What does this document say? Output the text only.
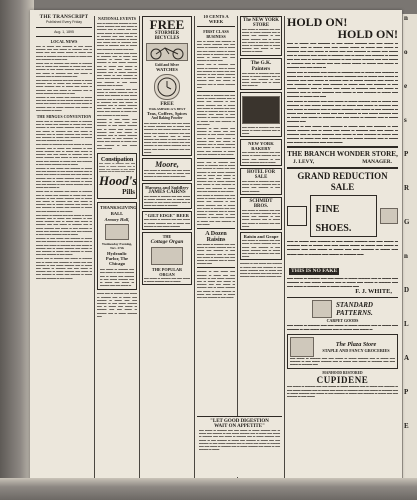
n
o
e
s
P
R
G
n
D
L
A
P
E
THE TRANSCRIPT
Published Every Friday
Aug. 1, 1895
LOCAL NEWS

▬▬ ▬ ▬▬▬ ▬▬ ▬▬▬▬ ▬ ▬▬ ▬▬▬ ▬▬▬▬ ▬▬ ▬▬ ▬▬▬ ▬ ▬▬▬▬ ▬▬ ▬ ▬▬▬ ▬▬ ▬▬ ▬▬▬ ▬▬▬ ▬ ▬▬▬ ▬▬ ▬▬▬ ▬ ▬▬▬▬ ▬▬ ▬▬ ▬▬▬ ▬ ▬▬▬ ▬▬ ▬▬ ▬▬▬▬ ▬ ▬▬▬ ▬▬

▬▬▬ ▬▬ ▬ ▬▬▬▬ ▬▬ ▬▬▬ ▬ ▬▬▬▬ ▬▬ ▬ ▬▬▬ ▬▬ ▬▬▬▬ ▬ ▬▬▬ ▬▬ ▬▬ ▬▬▬▬ ▬ ▬▬ ▬▬▬ ▬▬▬▬ ▬▬ ▬ ▬▬▬ ▬▬ ▬▬▬ ▬ ▬▬▬▬ ▬▬ ▬▬ ▬▬▬ ▬ ▬▬▬▬ ▬▬ ▬ ▬▬▬ ▬▬▬▬ ▬▬

▬▬ ▬▬▬ ▬ ▬▬▬▬ ▬▬ ▬▬ ▬▬▬ ▬ ▬▬▬ ▬▬▬▬ ▬▬ ▬ ▬▬▬ ▬▬ ▬▬▬▬ ▬ ▬▬ ▬▬▬ ▬▬▬▬ ▬▬ ▬ ▬▬▬ ▬▬ ▬▬▬ ▬ ▬▬▬▬ ▬▬ ▬▬ ▬▬▬ ▬ ▬▬▬▬ ▬▬ ▬ ▬▬▬ ▬▬▬▬ ▬▬ ▬▬▬ ▬ ▬▬

▬▬▬▬ ▬ ▬▬ ▬▬▬ ▬▬ ▬▬▬▬ ▬ ▬▬▬ ▬▬ ▬▬ ▬▬▬▬ ▬ ▬▬ ▬▬▬ ▬▬▬▬ ▬▬ ▬ ▬▬▬ ▬▬ ▬▬▬ ▬ ▬▬▬▬ ▬▬ ▬▬ ▬▬▬ ▬ ▬▬▬▬ ▬▬ ▬ ▬▬▬ ▬▬▬▬ ▬▬ ▬▬▬ ▬ ▬▬ ▬▬▬▬ ▬ ▬▬▬

THE MINGUS CONVENTION

▬▬▬ ▬▬ ▬ ▬▬▬▬ ▬▬ ▬▬▬ ▬ ▬▬▬▬ ▬▬ ▬ ▬▬▬ ▬▬ ▬▬▬▬ ▬ ▬▬▬ ▬▬ ▬▬ ▬▬▬▬ ▬ ▬▬ ▬▬▬ ▬▬▬▬ ▬▬ ▬ ▬▬▬ ▬▬ ▬▬▬ ▬ ▬▬▬▬ ▬▬ ▬▬ ▬▬▬ ▬ ▬▬▬▬ ▬▬ ▬ ▬▬▬ ▬▬▬▬ ▬▬ ▬▬▬ ▬ ▬▬ ▬▬▬▬ ▬ ▬▬▬ ▬▬ ▬▬▬▬ ▬ ▬▬▬ ▬▬ ▬▬ ▬▬▬▬ ▬ ▬▬ ▬▬▬

▬▬ ▬▬▬ ▬ ▬▬▬▬ ▬▬ ▬▬ ▬▬▬ ▬ ▬▬▬ ▬▬▬▬ ▬▬ ▬ ▬▬▬ ▬▬ ▬▬▬▬ ▬ ▬▬ ▬▬▬ ▬▬▬▬ ▬▬ ▬ ▬▬▬ ▬▬ ▬▬▬ ▬ ▬▬▬▬ ▬▬ ▬▬ ▬▬▬ ▬ ▬▬▬▬ ▬▬ ▬ ▬▬▬ ▬▬▬▬ ▬▬ ▬▬▬ ▬ ▬▬ ▬▬▬▬ ▬ ▬▬▬ ▬▬ ▬▬▬▬ ▬ ▬▬▬ ▬▬ ▬▬ ▬▬▬▬ ▬ ▬▬ ▬▬▬ ▬▬▬▬ ▬▬ ▬ ▬▬▬

▬▬▬▬ ▬ ▬▬ ▬▬▬ ▬▬ ▬▬▬▬ ▬ ▬▬▬ ▬▬ ▬▬ ▬▬▬▬ ▬ ▬▬ ▬▬▬ ▬▬▬▬ ▬▬ ▬ ▬▬▬ ▬▬ ▬▬▬ ▬ ▬▬▬▬ ▬▬ ▬▬ ▬▬▬ ▬ ▬▬▬▬ ▬▬ ▬ ▬▬▬ ▬▬▬▬ ▬▬ ▬▬▬ ▬ ▬▬ ▬▬▬▬ ▬ ▬▬▬ ▬▬ ▬▬▬▬ ▬ ▬▬▬ ▬▬ ▬▬ ▬▬▬▬ ▬ ▬▬ ▬▬▬ ▬▬▬▬ ▬▬ ▬ ▬▬▬ ▬▬ ▬▬▬ ▬

▬▬▬ ▬▬ ▬ ▬▬▬▬ ▬▬ ▬▬▬ ▬ ▬▬▬▬ ▬▬ ▬ ▬▬▬ ▬▬ ▬▬▬▬ ▬ ▬▬▬ ▬▬ ▬▬ ▬▬▬▬ ▬ ▬▬ ▬▬▬ ▬▬▬▬ ▬▬ ▬ ▬▬▬ ▬▬ ▬▬▬ ▬ ▬▬▬▬ ▬▬ ▬▬ ▬▬▬ ▬ ▬▬▬▬ ▬▬ ▬ ▬▬▬ ▬▬▬▬ ▬▬ ▬▬▬ ▬ ▬▬ ▬▬▬▬ ▬ ▬▬▬ ▬▬ ▬▬▬▬ ▬ ▬▬▬ ▬▬ ▬▬ ▬▬▬▬ ▬ ▬▬ ▬▬▬

▬▬ ▬▬▬ ▬ ▬▬▬▬ ▬▬ ▬▬ ▬▬▬ ▬ ▬▬▬ ▬▬▬▬ ▬▬ ▬ ▬▬▬ ▬▬ ▬▬▬▬ ▬ ▬▬ ▬▬▬ ▬▬▬▬ ▬▬ ▬ ▬▬▬ ▬▬ ▬▬▬ ▬ ▬▬▬▬ ▬▬ ▬▬ ▬▬▬ ▬ ▬▬▬▬ ▬▬ ▬ ▬▬▬ ▬▬▬▬ ▬▬ ▬▬▬ ▬ ▬▬ ▬▬▬▬ ▬ ▬▬▬ ▬▬ ▬▬▬▬ ▬ ▬▬▬ ▬▬ ▬▬ ▬▬▬▬ ▬ ▬▬ ▬▬▬ ▬▬▬▬ ▬▬ ▬ ▬▬▬

▬▬▬▬ ▬ ▬▬ ▬▬▬ ▬▬ ▬▬▬▬ ▬ ▬▬▬ ▬▬ ▬▬ ▬▬▬▬ ▬ ▬▬ ▬▬▬ ▬▬▬▬ ▬▬ ▬ ▬▬▬ ▬▬ ▬▬▬ ▬ ▬▬▬▬ ▬▬ ▬▬ ▬▬▬ ▬ ▬▬▬▬ ▬▬ ▬ ▬▬▬ ▬▬▬▬ ▬▬ ▬▬▬ ▬ ▬▬ ▬▬▬▬ ▬ ▬▬▬ ▬▬ ▬▬▬▬ ▬ ▬▬▬ ▬▬ ▬▬ ▬▬▬▬ ▬ ▬▬ ▬▬▬

▬▬▬ ▬▬ ▬ ▬▬▬▬ ▬▬ ▬▬▬ ▬ ▬▬▬▬ ▬▬ ▬ ▬▬▬ ▬▬ ▬▬▬▬ ▬ ▬▬▬ ▬▬ ▬▬ ▬▬▬▬ ▬ ▬▬ ▬▬▬ ▬▬▬▬ ▬▬ ▬ ▬▬▬ ▬▬ ▬▬▬ ▬ ▬▬▬▬ ▬▬ ▬▬ ▬▬▬ ▬ ▬▬▬▬ ▬▬ ▬ ▬▬▬ ▬▬▬▬ ▬▬ ▬▬▬ ▬ ▬▬ ▬▬▬▬ ▬ ▬▬▬ ▬▬ ▬▬▬▬ ▬ ▬▬▬ ▬▬ ▬▬ ▬▬▬▬ ▬ ▬▬ ▬▬▬

NATIONAL EVENTS

▬▬ ▬ ▬▬▬ ▬▬ ▬▬▬▬ ▬ ▬▬ ▬▬▬ ▬▬▬▬ ▬▬ ▬▬ ▬▬▬ ▬ ▬▬▬▬ ▬▬ ▬ ▬▬▬ ▬▬ ▬▬ ▬▬▬ ▬▬▬ ▬ ▬▬▬ ▬▬ ▬▬▬ ▬ ▬▬▬▬ ▬▬ ▬▬ ▬▬▬ ▬ ▬▬▬ ▬▬ ▬▬ ▬▬▬▬ ▬ ▬▬▬ ▬▬ ▬▬▬ ▬▬ ▬ ▬▬▬▬ ▬▬ ▬▬▬ ▬ ▬▬▬▬ ▬▬ ▬ ▬▬▬ ▬▬ ▬▬▬▬ ▬ ▬▬▬ ▬▬ ▬▬

▬▬▬ ▬▬ ▬ ▬▬▬▬ ▬▬ ▬▬▬ ▬ ▬▬▬▬ ▬▬ ▬ ▬▬▬ ▬▬ ▬▬▬▬ ▬ ▬▬▬ ▬▬ ▬▬ ▬▬▬▬ ▬ ▬▬ ▬▬▬ ▬▬▬▬ ▬▬ ▬ ▬▬▬ ▬▬ ▬▬▬ ▬ ▬▬▬▬ ▬▬ ▬▬ ▬▬▬ ▬ ▬▬▬▬ ▬▬ ▬ ▬▬▬ ▬▬▬▬ ▬▬ ▬▬▬ ▬ ▬▬ ▬▬▬▬ ▬ ▬▬▬ ▬▬ ▬▬▬▬ ▬ ▬▬▬ ▬▬ ▬▬ ▬▬▬▬ ▬ ▬▬ ▬▬▬ ▬▬▬▬ ▬▬ ▬ ▬▬▬

▬▬ ▬▬▬ ▬ ▬▬▬▬ ▬▬ ▬▬ ▬▬▬ ▬ ▬▬▬ ▬▬▬▬ ▬▬ ▬ ▬▬▬ ▬▬ ▬▬▬▬ ▬ ▬▬ ▬▬▬ ▬▬▬▬ ▬▬ ▬ ▬▬▬ ▬▬ ▬▬▬ ▬ ▬▬▬▬ ▬▬ ▬▬ ▬▬▬ ▬ ▬▬▬▬ ▬▬ ▬ ▬▬▬ ▬▬▬▬ ▬▬ ▬▬▬ ▬ ▬▬ ▬▬▬▬ ▬ ▬▬▬ ▬▬ ▬▬▬▬ ▬ ▬▬▬ ▬▬ ▬▬ ▬▬▬▬ ▬ ▬▬ ▬▬▬

▬▬▬▬ ▬ ▬▬ ▬▬▬ ▬▬ ▬▬▬▬ ▬ ▬▬▬ ▬▬ ▬▬ ▬▬▬▬ ▬ ▬▬ ▬▬▬ ▬▬▬▬ ▬▬ ▬ ▬▬▬ ▬▬ ▬▬▬ ▬ ▬▬▬▬ ▬▬ ▬▬ ▬▬▬ ▬ ▬▬▬▬ ▬▬ ▬ ▬▬▬ ▬▬▬▬ ▬▬ ▬▬▬ ▬ ▬▬ ▬▬▬▬ ▬ ▬▬▬ ▬▬ ▬▬▬▬ ▬ ▬▬▬ ▬▬ ▬▬ ▬▬▬▬ ▬ ▬▬ ▬▬▬ ▬▬▬▬ ▬▬

Constipation
▬▬ ▬▬▬ ▬ ▬▬▬▬ ▬▬ ▬▬ ▬▬▬ ▬ ▬▬▬ ▬▬▬▬ ▬▬ ▬ ▬▬▬ ▬▬ ▬▬▬▬ ▬ ▬▬ ▬▬▬ ▬▬▬▬ ▬▬ ▬ ▬▬▬ ▬▬ ▬▬▬ ▬
Hood's
Pills
THANKSGIVING BALL
Armory Hall,
Wednesday Evening, Nov. 27th
Hydraulic Parlor, The Chicago
▬▬ ▬▬▬ ▬ ▬▬▬▬ ▬▬ ▬▬ ▬▬▬ ▬ ▬▬▬ ▬▬▬▬ ▬▬ ▬ ▬▬▬ ▬▬ ▬▬▬▬ ▬ ▬▬ ▬▬▬ ▬▬▬▬ ▬▬ ▬ ▬▬▬ ▬▬ ▬▬▬ ▬ ▬▬▬▬ ▬▬ ▬▬ ▬▬▬ ▬
▬▬▬ ▬▬ ▬ ▬▬▬▬ ▬▬ ▬▬▬ ▬ ▬▬▬▬ ▬▬ ▬ ▬▬▬ ▬▬ ▬▬▬▬ ▬ ▬▬▬ ▬▬ ▬▬ ▬▬▬▬ ▬ ▬▬ ▬▬▬ ▬▬▬▬ ▬▬ ▬ ▬▬▬ ▬▬ ▬▬▬ ▬ ▬▬▬▬ ▬▬ ▬▬ ▬▬▬ ▬ ▬▬▬▬ ▬▬ ▬ ▬▬▬ ▬▬▬▬ ▬▬
FREE
STORMER
BICYCLES
Gold and Silver
WATCHES
FREE
With AMERICA'S BEST
Teas, Coffees, Spices
And Baking Powder
▬▬ ▬▬▬ ▬ ▬▬▬▬ ▬▬ ▬▬ ▬▬▬ ▬ ▬▬▬ ▬▬▬▬ ▬▬ ▬ ▬▬▬ ▬▬ ▬▬▬▬ ▬ ▬▬ ▬▬▬ ▬▬▬▬ ▬▬ ▬ ▬▬▬ ▬▬ ▬▬▬ ▬ ▬▬▬▬ ▬▬ ▬▬ ▬▬▬ ▬ ▬▬▬▬ ▬▬ ▬ ▬▬▬ ▬▬▬▬ ▬▬ ▬▬▬ ▬ ▬▬ ▬▬▬▬ ▬ ▬▬▬ ▬▬ ▬▬▬▬ ▬ ▬▬▬ ▬▬ ▬▬ ▬▬▬▬ ▬ ▬▬ ▬▬▬ ▬▬▬▬ ▬▬ ▬ ▬▬▬ ▬▬ ▬▬▬ ▬ ▬▬▬▬ ▬▬ ▬▬ ▬▬▬
Moore,
▬▬ ▬▬▬ ▬ ▬▬▬▬ ▬▬ ▬▬ ▬▬▬ ▬ ▬▬▬ ▬▬▬▬ ▬▬ ▬ ▬▬▬ ▬▬ ▬▬▬▬ ▬ ▬▬ ▬▬▬ ▬▬▬▬ ▬▬
Harness and Saddlery
JAMES CAIRNS
▬▬ ▬▬▬ ▬ ▬▬▬▬ ▬▬ ▬▬ ▬▬▬ ▬ ▬▬▬ ▬▬▬▬ ▬▬ ▬ ▬▬▬ ▬▬ ▬▬▬▬ ▬ ▬▬ ▬▬▬ ▬▬▬▬ ▬▬ ▬ ▬▬▬ ▬▬ ▬▬▬ ▬ ▬▬▬▬
"GILT EDGE" BEER
▬▬ ▬▬▬ ▬ ▬▬▬▬ ▬▬ ▬▬ ▬▬▬ ▬ ▬▬▬ ▬▬▬▬ ▬▬ ▬ ▬▬▬ ▬▬ ▬▬▬▬ ▬ ▬▬ ▬▬▬ ▬▬▬▬
THE
Cottage Organ
THE POPULAR ORGAN
▬▬ ▬▬▬ ▬ ▬▬▬▬ ▬▬ ▬▬ ▬▬▬ ▬ ▬▬▬ ▬▬▬▬ ▬▬ ▬ ▬▬▬
10 CENTS A WEEK
FIRST CLASS BUSINESS

▬▬ ▬ ▬▬▬ ▬▬ ▬▬▬▬ ▬ ▬▬ ▬▬▬ ▬▬▬▬ ▬▬ ▬▬ ▬▬▬ ▬ ▬▬▬▬ ▬▬ ▬ ▬▬▬ ▬▬ ▬▬ ▬▬▬ ▬▬▬ ▬ ▬▬▬ ▬▬ ▬▬▬ ▬ ▬▬▬▬ ▬▬ ▬▬ ▬▬▬ ▬ ▬▬▬ ▬▬ ▬▬ ▬▬▬▬ ▬ ▬▬▬ ▬▬

▬▬▬ ▬▬ ▬ ▬▬▬▬ ▬▬ ▬▬▬ ▬ ▬▬▬▬ ▬▬ ▬ ▬▬▬ ▬▬ ▬▬▬▬ ▬ ▬▬▬ ▬▬ ▬▬ ▬▬▬▬ ▬ ▬▬ ▬▬▬ ▬▬▬▬ ▬▬ ▬ ▬▬▬ ▬▬ ▬▬▬ ▬ ▬▬▬▬ ▬▬ ▬▬ ▬▬▬ ▬ ▬▬▬▬ ▬▬ ▬ ▬▬▬ ▬▬▬▬ ▬▬

▬▬ ▬▬▬ ▬ ▬▬▬▬ ▬▬ ▬▬ ▬▬▬ ▬ ▬▬▬ ▬▬▬▬ ▬▬ ▬ ▬▬▬ ▬▬ ▬▬▬▬ ▬ ▬▬ ▬▬▬ ▬▬▬▬ ▬▬ ▬ ▬▬▬ ▬▬ ▬▬▬ ▬ ▬▬▬▬ ▬▬ ▬▬ ▬▬▬ ▬ ▬▬▬▬ ▬▬ ▬ ▬▬▬ ▬▬▬▬ ▬▬ ▬▬▬ ▬ ▬▬ ▬▬▬▬ ▬ ▬▬▬ ▬▬ ▬▬▬▬ ▬ ▬▬▬ ▬▬ ▬▬ ▬▬▬▬ ▬ ▬▬ ▬▬▬

▬▬▬▬ ▬ ▬▬ ▬▬▬ ▬▬ ▬▬▬▬ ▬ ▬▬▬ ▬▬ ▬▬ ▬▬▬▬ ▬ ▬▬ ▬▬▬ ▬▬▬▬ ▬▬ ▬ ▬▬▬ ▬▬ ▬▬▬ ▬ ▬▬▬▬ ▬▬ ▬▬ ▬▬▬ ▬ ▬▬▬▬ ▬▬ ▬ ▬▬▬ ▬▬▬▬ ▬▬ ▬▬▬ ▬ ▬▬ ▬▬▬▬ ▬ ▬▬▬ ▬▬ ▬▬▬▬ ▬ ▬▬▬ ▬▬ ▬▬ ▬▬▬▬ ▬ ▬▬ ▬▬▬

▬▬▬ ▬▬ ▬ ▬▬▬▬ ▬▬ ▬▬▬ ▬ ▬▬▬▬ ▬▬ ▬ ▬▬▬ ▬▬ ▬▬▬▬ ▬ ▬▬▬ ▬▬ ▬▬ ▬▬▬▬ ▬ ▬▬ ▬▬▬ ▬▬▬▬ ▬▬ ▬ ▬▬▬ ▬▬ ▬▬▬ ▬ ▬▬▬▬ ▬▬ ▬▬ ▬▬▬ ▬ ▬▬▬▬ ▬▬ ▬ ▬▬▬ ▬▬▬▬ ▬▬ ▬▬▬ ▬ ▬▬ ▬▬▬▬ ▬ ▬▬▬ ▬▬ ▬▬▬▬ ▬ ▬▬▬ ▬▬ ▬▬ ▬▬▬▬ ▬ ▬▬ ▬▬▬

▬▬ ▬▬▬ ▬ ▬▬▬▬ ▬▬ ▬▬ ▬▬▬ ▬ ▬▬▬ ▬▬▬▬ ▬▬ ▬ ▬▬▬ ▬▬ ▬▬▬▬ ▬ ▬▬ ▬▬▬ ▬▬▬▬ ▬▬ ▬ ▬▬▬ ▬▬ ▬▬▬ ▬ ▬▬▬▬ ▬▬ ▬▬ ▬▬▬ ▬ ▬▬▬▬ ▬▬ ▬ ▬▬▬ ▬▬▬▬ ▬▬ ▬▬▬ ▬ ▬▬ ▬▬▬▬ ▬ ▬▬▬ ▬▬ ▬▬▬▬ ▬ ▬▬▬ ▬▬ ▬▬ ▬▬▬▬ ▬ ▬▬ ▬▬▬

A Dozen
Raisins
▬▬ ▬▬▬ ▬ ▬▬▬▬ ▬▬ ▬▬ ▬▬▬ ▬ ▬▬▬ ▬▬▬▬ ▬▬ ▬ ▬▬▬ ▬▬ ▬▬▬▬ ▬ ▬▬ ▬▬▬ ▬▬▬▬ ▬▬ ▬ ▬▬▬ ▬▬ ▬▬▬ ▬ ▬▬▬▬ ▬▬ ▬▬ ▬▬▬ ▬ ▬▬▬▬ ▬▬ ▬ ▬▬▬ ▬▬▬▬ ▬▬
▬▬▬▬ ▬ ▬▬ ▬▬▬ ▬▬ ▬▬▬▬ ▬ ▬▬▬ ▬▬ ▬▬ ▬▬▬▬ ▬ ▬▬ ▬▬▬ ▬▬▬▬ ▬▬ ▬ ▬▬▬ ▬▬ ▬▬▬ ▬ ▬▬▬▬ ▬▬ ▬▬ ▬▬▬ ▬ ▬▬▬▬ ▬▬ ▬ ▬▬▬ ▬▬▬▬ ▬▬ ▬▬▬ ▬ ▬▬ ▬▬▬▬ ▬ ▬▬▬ ▬▬ ▬▬▬▬ ▬ ▬▬▬ ▬▬ ▬▬ ▬▬▬▬ ▬ ▬▬ ▬▬▬
The NEW YORK STORE
▬▬ ▬▬▬ ▬ ▬▬▬▬ ▬▬ ▬▬ ▬▬▬ ▬ ▬▬▬ ▬▬▬▬ ▬▬ ▬ ▬▬▬ ▬▬ ▬▬▬▬ ▬ ▬▬ ▬▬▬ ▬▬▬▬ ▬▬ ▬ ▬▬▬ ▬▬ ▬▬▬ ▬ ▬▬▬▬ ▬▬ ▬▬ ▬▬▬ ▬ ▬▬▬▬ ▬▬ ▬ ▬▬▬ ▬▬▬▬ ▬▬ ▬▬▬ ▬ ▬▬ ▬▬▬▬ ▬ ▬▬▬
The G.K. Painters
▬▬ ▬▬▬ ▬ ▬▬▬▬ ▬▬ ▬▬ ▬▬▬ ▬ ▬▬▬ ▬▬▬▬ ▬▬ ▬ ▬▬▬ ▬▬ ▬▬▬▬ ▬ ▬▬ ▬▬▬ ▬▬▬▬ ▬▬ ▬ ▬▬▬ ▬▬ ▬▬▬ ▬
▬▬ ▬▬▬ ▬ ▬▬▬▬ ▬▬ ▬▬ ▬▬▬ ▬ ▬▬▬ ▬▬▬▬ ▬▬ ▬ ▬▬▬
NEW YORK BAKERY
▬▬ ▬▬▬ ▬ ▬▬▬▬ ▬▬ ▬▬ ▬▬▬ ▬ ▬▬▬ ▬▬▬▬ ▬▬ ▬ ▬▬▬ ▬▬ ▬▬▬▬ ▬ ▬▬ ▬▬▬ ▬▬▬▬ ▬▬ ▬ ▬▬▬
HOTEL FOR SALE
▬▬ ▬▬▬ ▬ ▬▬▬▬ ▬▬ ▬▬ ▬▬▬ ▬ ▬▬▬ ▬▬▬▬ ▬▬ ▬ ▬▬▬ ▬▬ ▬▬▬▬ ▬ ▬▬ ▬▬▬ ▬▬▬▬
SCHMIDT BROS.
▬▬ ▬▬▬ ▬ ▬▬▬▬ ▬▬ ▬▬ ▬▬▬ ▬ ▬▬▬ ▬▬▬▬ ▬▬ ▬ ▬▬▬ ▬▬ ▬▬▬▬ ▬ ▬▬ ▬▬▬ ▬▬▬▬ ▬▬ ▬ ▬▬▬ ▬▬ ▬▬▬ ▬ ▬▬▬▬ ▬▬ ▬▬ ▬▬▬
Raisin and Grape
▬▬ ▬▬▬ ▬ ▬▬▬▬ ▬▬ ▬▬ ▬▬▬ ▬ ▬▬▬ ▬▬▬▬ ▬▬ ▬ ▬▬▬ ▬▬ ▬▬▬▬ ▬ ▬▬ ▬▬▬ ▬▬▬▬ ▬▬ ▬ ▬▬▬ ▬▬ ▬▬▬ ▬ ▬▬▬▬ ▬▬ ▬▬ ▬▬▬
▬▬▬▬ ▬ ▬▬ ▬▬▬ ▬▬ ▬▬▬▬ ▬ ▬▬▬ ▬▬ ▬▬ ▬▬▬▬ ▬ ▬▬ ▬▬▬ ▬▬▬▬ ▬▬ ▬ ▬▬▬ ▬▬ ▬▬▬ ▬ ▬▬▬▬ ▬▬ ▬▬ ▬▬▬ ▬ ▬▬▬▬ ▬▬ ▬ ▬▬▬ ▬▬▬▬ ▬▬
"LET GOOD DIGESTION
WAIT ON APPETITE"
▬▬ ▬▬▬ ▬ ▬▬▬▬ ▬▬ ▬▬ ▬▬▬ ▬ ▬▬▬ ▬▬▬▬ ▬▬ ▬ ▬▬▬ ▬▬ ▬▬▬▬ ▬ ▬▬ ▬▬▬ ▬▬▬▬ ▬▬ ▬ ▬▬▬ ▬▬ ▬▬▬ ▬ ▬▬▬▬ ▬▬ ▬▬ ▬▬▬ ▬ ▬▬▬▬ ▬▬ ▬ ▬▬▬ ▬▬▬▬ ▬▬ ▬▬▬ ▬ ▬▬ ▬▬▬▬ ▬ ▬▬▬ ▬▬ ▬▬▬▬ ▬ ▬▬▬ ▬▬ ▬▬ ▬▬▬▬ ▬ ▬▬ ▬▬▬ ▬▬▬▬ ▬▬ ▬ ▬▬▬ ▬▬ ▬▬▬ ▬ ▬▬▬▬ ▬▬ ▬▬ ▬▬▬ ▬ ▬▬▬▬ ▬▬ ▬ ▬▬▬ ▬▬▬▬ ▬▬ ▬▬▬ ▬ ▬▬ ▬▬▬▬ ▬ ▬▬▬
HOLD ON!
HOLD ON!

▬▬ ▬ ▬▬▬ ▬▬ ▬▬▬▬ ▬ ▬▬ ▬▬▬ ▬▬▬▬ ▬▬ ▬▬ ▬▬▬ ▬ ▬▬▬▬ ▬▬ ▬ ▬▬▬ ▬▬ ▬▬ ▬▬▬ ▬▬▬ ▬ ▬▬▬ ▬▬ ▬▬▬ ▬ ▬▬▬▬ ▬▬ ▬▬ ▬▬▬ ▬ ▬▬▬ ▬▬ ▬▬ ▬▬▬▬ ▬ ▬▬▬ ▬▬ ▬▬▬ ▬▬ ▬ ▬▬▬▬ ▬▬ ▬▬▬ ▬ ▬▬▬▬ ▬▬ ▬ ▬▬▬ ▬▬ ▬▬▬▬ ▬ ▬▬▬ ▬▬ ▬▬ ▬▬ ▬ ▬▬▬ ▬▬ ▬▬▬▬ ▬ ▬▬ ▬▬▬ ▬▬▬▬ ▬▬ ▬▬ ▬▬▬ ▬ ▬▬▬▬ ▬▬ ▬ ▬▬▬ ▬▬ ▬▬ ▬▬▬ ▬▬▬ ▬ ▬▬▬ ▬▬ ▬▬▬ ▬ ▬▬▬▬ ▬▬ ▬▬ ▬▬▬ ▬

▬▬▬ ▬▬ ▬ ▬▬▬▬ ▬▬ ▬▬▬ ▬ ▬▬▬▬ ▬▬ ▬ ▬▬▬ ▬▬ ▬▬▬▬ ▬ ▬▬▬ ▬▬ ▬▬ ▬▬▬▬ ▬ ▬▬ ▬▬▬ ▬▬▬▬ ▬▬ ▬ ▬▬▬ ▬▬ ▬▬▬ ▬ ▬▬▬▬ ▬▬ ▬▬ ▬▬▬ ▬ ▬▬▬▬ ▬▬ ▬ ▬▬▬ ▬▬▬▬ ▬▬ ▬▬▬ ▬ ▬▬ ▬▬▬▬ ▬ ▬▬▬ ▬▬ ▬▬▬▬ ▬ ▬▬▬ ▬▬ ▬▬ ▬▬▬▬ ▬ ▬▬ ▬▬▬ ▬▬▬▬ ▬▬ ▬ ▬▬▬ ▬▬ ▬▬▬ ▬ ▬▬▬▬ ▬▬ ▬▬ ▬▬▬ ▬ ▬▬▬▬ ▬▬ ▬ ▬▬▬ ▬▬▬▬ ▬▬ ▬▬▬ ▬ ▬▬ ▬▬▬▬ ▬ ▬▬▬ ▬▬ ▬▬▬▬ ▬ ▬▬▬ ▬▬ ▬▬

▬▬ ▬▬▬ ▬ ▬▬▬▬ ▬▬ ▬▬ ▬▬▬ ▬ ▬▬▬ ▬▬▬▬ ▬▬ ▬ ▬▬▬ ▬▬ ▬▬▬▬ ▬ ▬▬ ▬▬▬ ▬▬▬▬ ▬▬ ▬ ▬▬▬ ▬▬ ▬▬▬ ▬ ▬▬▬▬ ▬▬ ▬▬ ▬▬▬ ▬ ▬▬▬▬ ▬▬ ▬ ▬▬▬ ▬▬▬▬ ▬▬ ▬▬▬ ▬ ▬▬ ▬▬▬▬ ▬ ▬▬▬ ▬▬ ▬▬▬▬ ▬ ▬▬▬ ▬▬ ▬▬ ▬▬▬▬ ▬ ▬▬ ▬▬▬ ▬▬▬▬ ▬▬ ▬ ▬▬▬ ▬▬ ▬▬▬ ▬ ▬▬▬▬ ▬▬ ▬▬ ▬▬▬ ▬ ▬▬▬▬ ▬▬ ▬ ▬▬▬ ▬▬▬▬ ▬▬

▬▬▬▬ ▬ ▬▬ ▬▬▬ ▬▬ ▬▬▬▬ ▬ ▬▬▬ ▬▬ ▬▬ ▬▬▬▬ ▬ ▬▬ ▬▬▬ ▬▬▬▬ ▬▬ ▬ ▬▬▬ ▬▬ ▬▬▬ ▬ ▬▬▬▬ ▬▬ ▬▬ ▬▬▬ ▬ ▬▬▬▬ ▬▬ ▬ ▬▬▬ ▬▬▬▬ ▬▬ ▬▬▬ ▬ ▬▬ ▬▬▬▬ ▬ ▬▬▬ ▬▬ ▬▬▬▬ ▬ ▬▬▬ ▬▬ ▬▬ ▬▬▬▬ ▬ ▬▬ ▬▬▬ ▬▬▬▬ ▬▬ ▬ ▬▬▬ ▬▬ ▬▬▬ ▬ ▬▬▬▬ ▬▬ ▬▬ ▬▬▬

THE BRANCH WONDER STORE,
J. LEVY,	MANAGER.
GRAND REDUCTION SALE
FINE SHOES.

▬▬ ▬ ▬▬▬ ▬▬ ▬▬▬▬ ▬ ▬▬ ▬▬▬ ▬▬▬▬ ▬▬ ▬▬ ▬▬▬ ▬ ▬▬▬▬ ▬▬ ▬ ▬▬▬ ▬▬ ▬▬ ▬▬▬ ▬▬▬ ▬ ▬▬▬ ▬▬ ▬▬▬ ▬ ▬▬▬▬ ▬▬ ▬▬ ▬▬▬ ▬ ▬▬▬ ▬▬ ▬▬ ▬▬▬▬ ▬ ▬▬▬ ▬▬ ▬▬▬ ▬▬ ▬ ▬▬▬▬ ▬▬ ▬▬▬ ▬ ▬▬▬▬ ▬▬

THIS IS NO FAKE
▬▬ ▬▬▬ ▬ ▬▬▬▬ ▬▬ ▬▬ ▬▬▬ ▬ ▬▬▬ ▬▬▬▬ ▬▬ ▬ ▬▬▬ ▬▬ ▬▬▬▬ ▬ ▬▬ ▬▬▬ ▬▬▬▬ ▬▬ ▬ ▬▬▬ ▬▬ ▬▬▬ ▬ ▬▬▬▬ ▬▬ ▬▬ ▬▬▬ ▬ ▬▬▬▬ ▬▬ ▬ ▬▬▬ ▬▬▬▬ ▬▬
F. J. WHITE,
STANDARD
PATTERNS.
CARPET GOODS
▬▬ ▬▬▬ ▬ ▬▬▬▬ ▬▬ ▬▬ ▬▬▬ ▬ ▬▬▬ ▬▬▬▬ ▬▬ ▬ ▬▬▬ ▬▬ ▬▬▬▬ ▬ ▬▬ ▬▬▬ ▬▬▬▬ ▬▬ ▬ ▬▬▬ ▬▬ ▬▬▬ ▬
The Plaza Store
STAPLE AND FANCY GROCERIES
▬▬ ▬▬▬ ▬ ▬▬▬▬ ▬▬ ▬▬ ▬▬▬ ▬ ▬▬▬ ▬▬▬▬ ▬▬ ▬ ▬▬▬ ▬▬ ▬▬▬▬ ▬ ▬▬ ▬▬▬ ▬▬▬▬ ▬▬ ▬ ▬▬▬ ▬▬ ▬▬▬ ▬ ▬▬▬▬ ▬▬ ▬▬ ▬▬▬ ▬ ▬▬▬▬ ▬▬
MANHOOD RESTORED
CUPIDENE
▬▬ ▬▬▬ ▬ ▬▬▬▬ ▬▬ ▬▬ ▬▬▬ ▬ ▬▬▬ ▬▬▬▬ ▬▬ ▬ ▬▬▬ ▬▬ ▬▬▬▬ ▬ ▬▬ ▬▬▬ ▬▬▬▬ ▬▬ ▬ ▬▬▬ ▬▬ ▬▬▬ ▬ ▬▬▬▬ ▬▬ ▬▬ ▬▬▬ ▬ ▬▬▬▬ ▬▬ ▬ ▬▬▬ ▬▬▬▬ ▬▬ ▬▬▬ ▬ ▬▬ ▬▬▬▬ ▬ ▬▬▬ ▬▬ ▬▬▬▬ ▬ ▬▬▬ ▬▬ ▬▬ ▬▬▬▬ ▬ ▬▬ ▬▬▬
